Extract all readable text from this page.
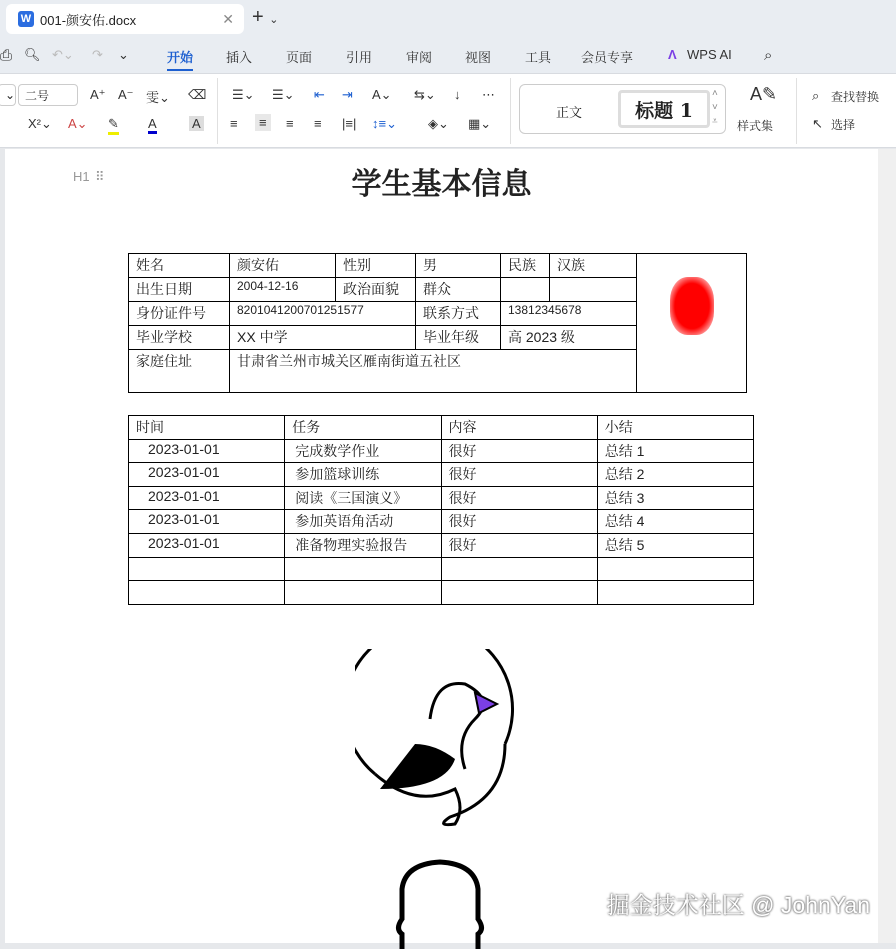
W 001-颜安佑.docx	✕ + ⌄
⎙ 🔍︎ ↶⌄ ↷ ⌄	开始	插入	页面	引用	审阅	视图	工具 会员专享	Λ WPS AI ⌕
⌄ 二号	A⁺ A⁻ 雯⌄ ⌫
X²⌄ A⌄ ✎ A	A
☰⌄ ☰⌄ ⇤ ⇥ A⌄ ⇆⌄ ↓ ⋯
≡	≡	≡ ≡ |≡| ↕≡⌄ ◈⌄ ▦⌄
正文	标题 1
˄
˅
⩡
A✎
样式集
⌕ 查找替换
↖ 选择
H1 ⠿	学生基本信息
姓名	颜安佑	性别	男	民族	汉族	

出生日期	2004-12-16	政治面貌	群众			
身份证件号	8201041200701251577		联系方式	13812345678		
毕业学校	XX 中学		毕业年级	高 2023 级		
家庭住址	甘肃省兰州市城关区雁南街道五社区					
时间	任务	内容	小结
2023-01-01	完成数学作业	很好	总结 1
2023-01-01	参加篮球训练	很好	总结 2
2023-01-01	阅读《三国演义》	很好	总结 3
2023-01-01	参加英语角活动	很好	总结 4
2023-01-01	准备物理实验报告	很好	总结 5

掘金技术社区 @ JohnYan
